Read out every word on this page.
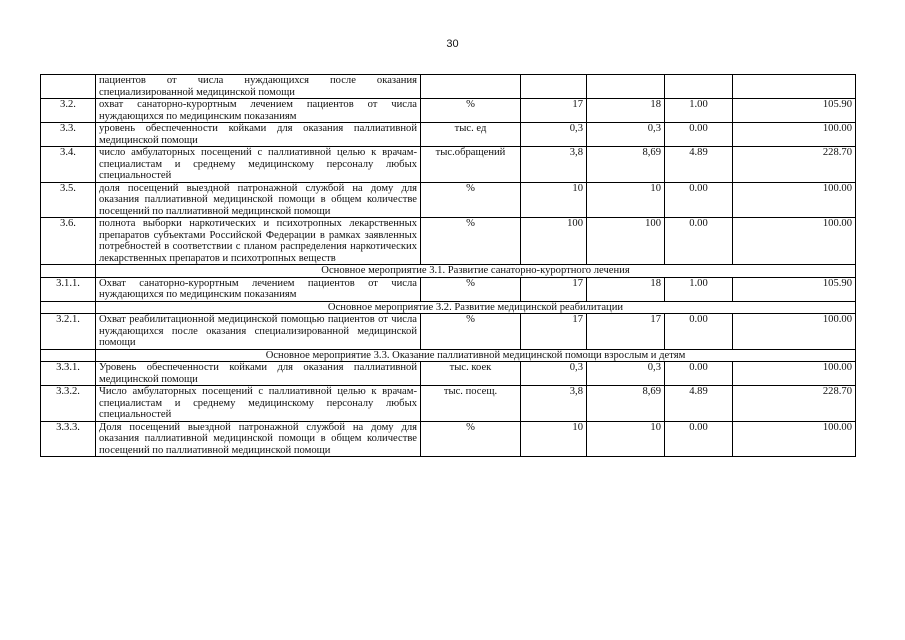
30
	пациентов от числа нуждающихся после оказания специализированной медицинской помощи					
3.2.	охват санаторно-курортным лечением пациентов от числа нуждающихся по медицинским показаниям	%	17	18	1.00	105.90
3.3.	уровень обеспеченности койками для оказания паллиативной медицинской помощи	тыс. ед	0,3	0,3	0.00	100.00
3.4.	число амбулаторных посещений с паллиативной целью к врачам-специалистам и среднему медицинскому персоналу любых специальностей	тыс.обращений	3,8	8,69	4.89	228.70
3.5.	доля посещений выездной патронажной службой на дому для оказания паллиативной медицинской помощи в общем количестве посещений по паллиативной медицинской помощи	%	10	10	0.00	100.00
3.6.	полнота выборки наркотических и психотропных лекарственных препаратов субъектами Российской Федерации в рамках заявленных потребностей в соответствии с планом распределения наркотических лекарственных препаратов и психотропных веществ	%	100	100	0.00	100.00
	Основное мероприятие 3.1. Развитие санаторно-курортного лечения					
3.1.1.	Охват санаторно-курортным лечением пациентов от числа нуждающихся по медицинским показаниям	%	17	18	1.00	105.90
	Основное мероприятие 3.2. Развитие медицинской реабилитации					
3.2.1.	Охват реабилитационной медицинской помощью пациентов от числа нуждающихся после оказания специализированной медицинской помощи	%	17	17	0.00	100.00
	Основное мероприятие 3.3. Оказание паллиативной медицинской помощи взрослым и детям					
3.3.1.	Уровень обеспеченности койками для оказания паллиативной медицинской помощи	тыс. коек	0,3	0,3	0.00	100.00
3.3.2.	Число амбулаторных посещений с паллиативной целью к врачам-специалистам и среднему медицинскому персоналу любых специальностей	тыс. посещ.	3,8	8,69	4.89	228.70
3.3.3.	Доля посещений выездной патронажной службой на дому для оказания паллиативной медицинской помощи в общем количестве посещений по паллиативной медицинской помощи	%	10	10	0.00	100.00
